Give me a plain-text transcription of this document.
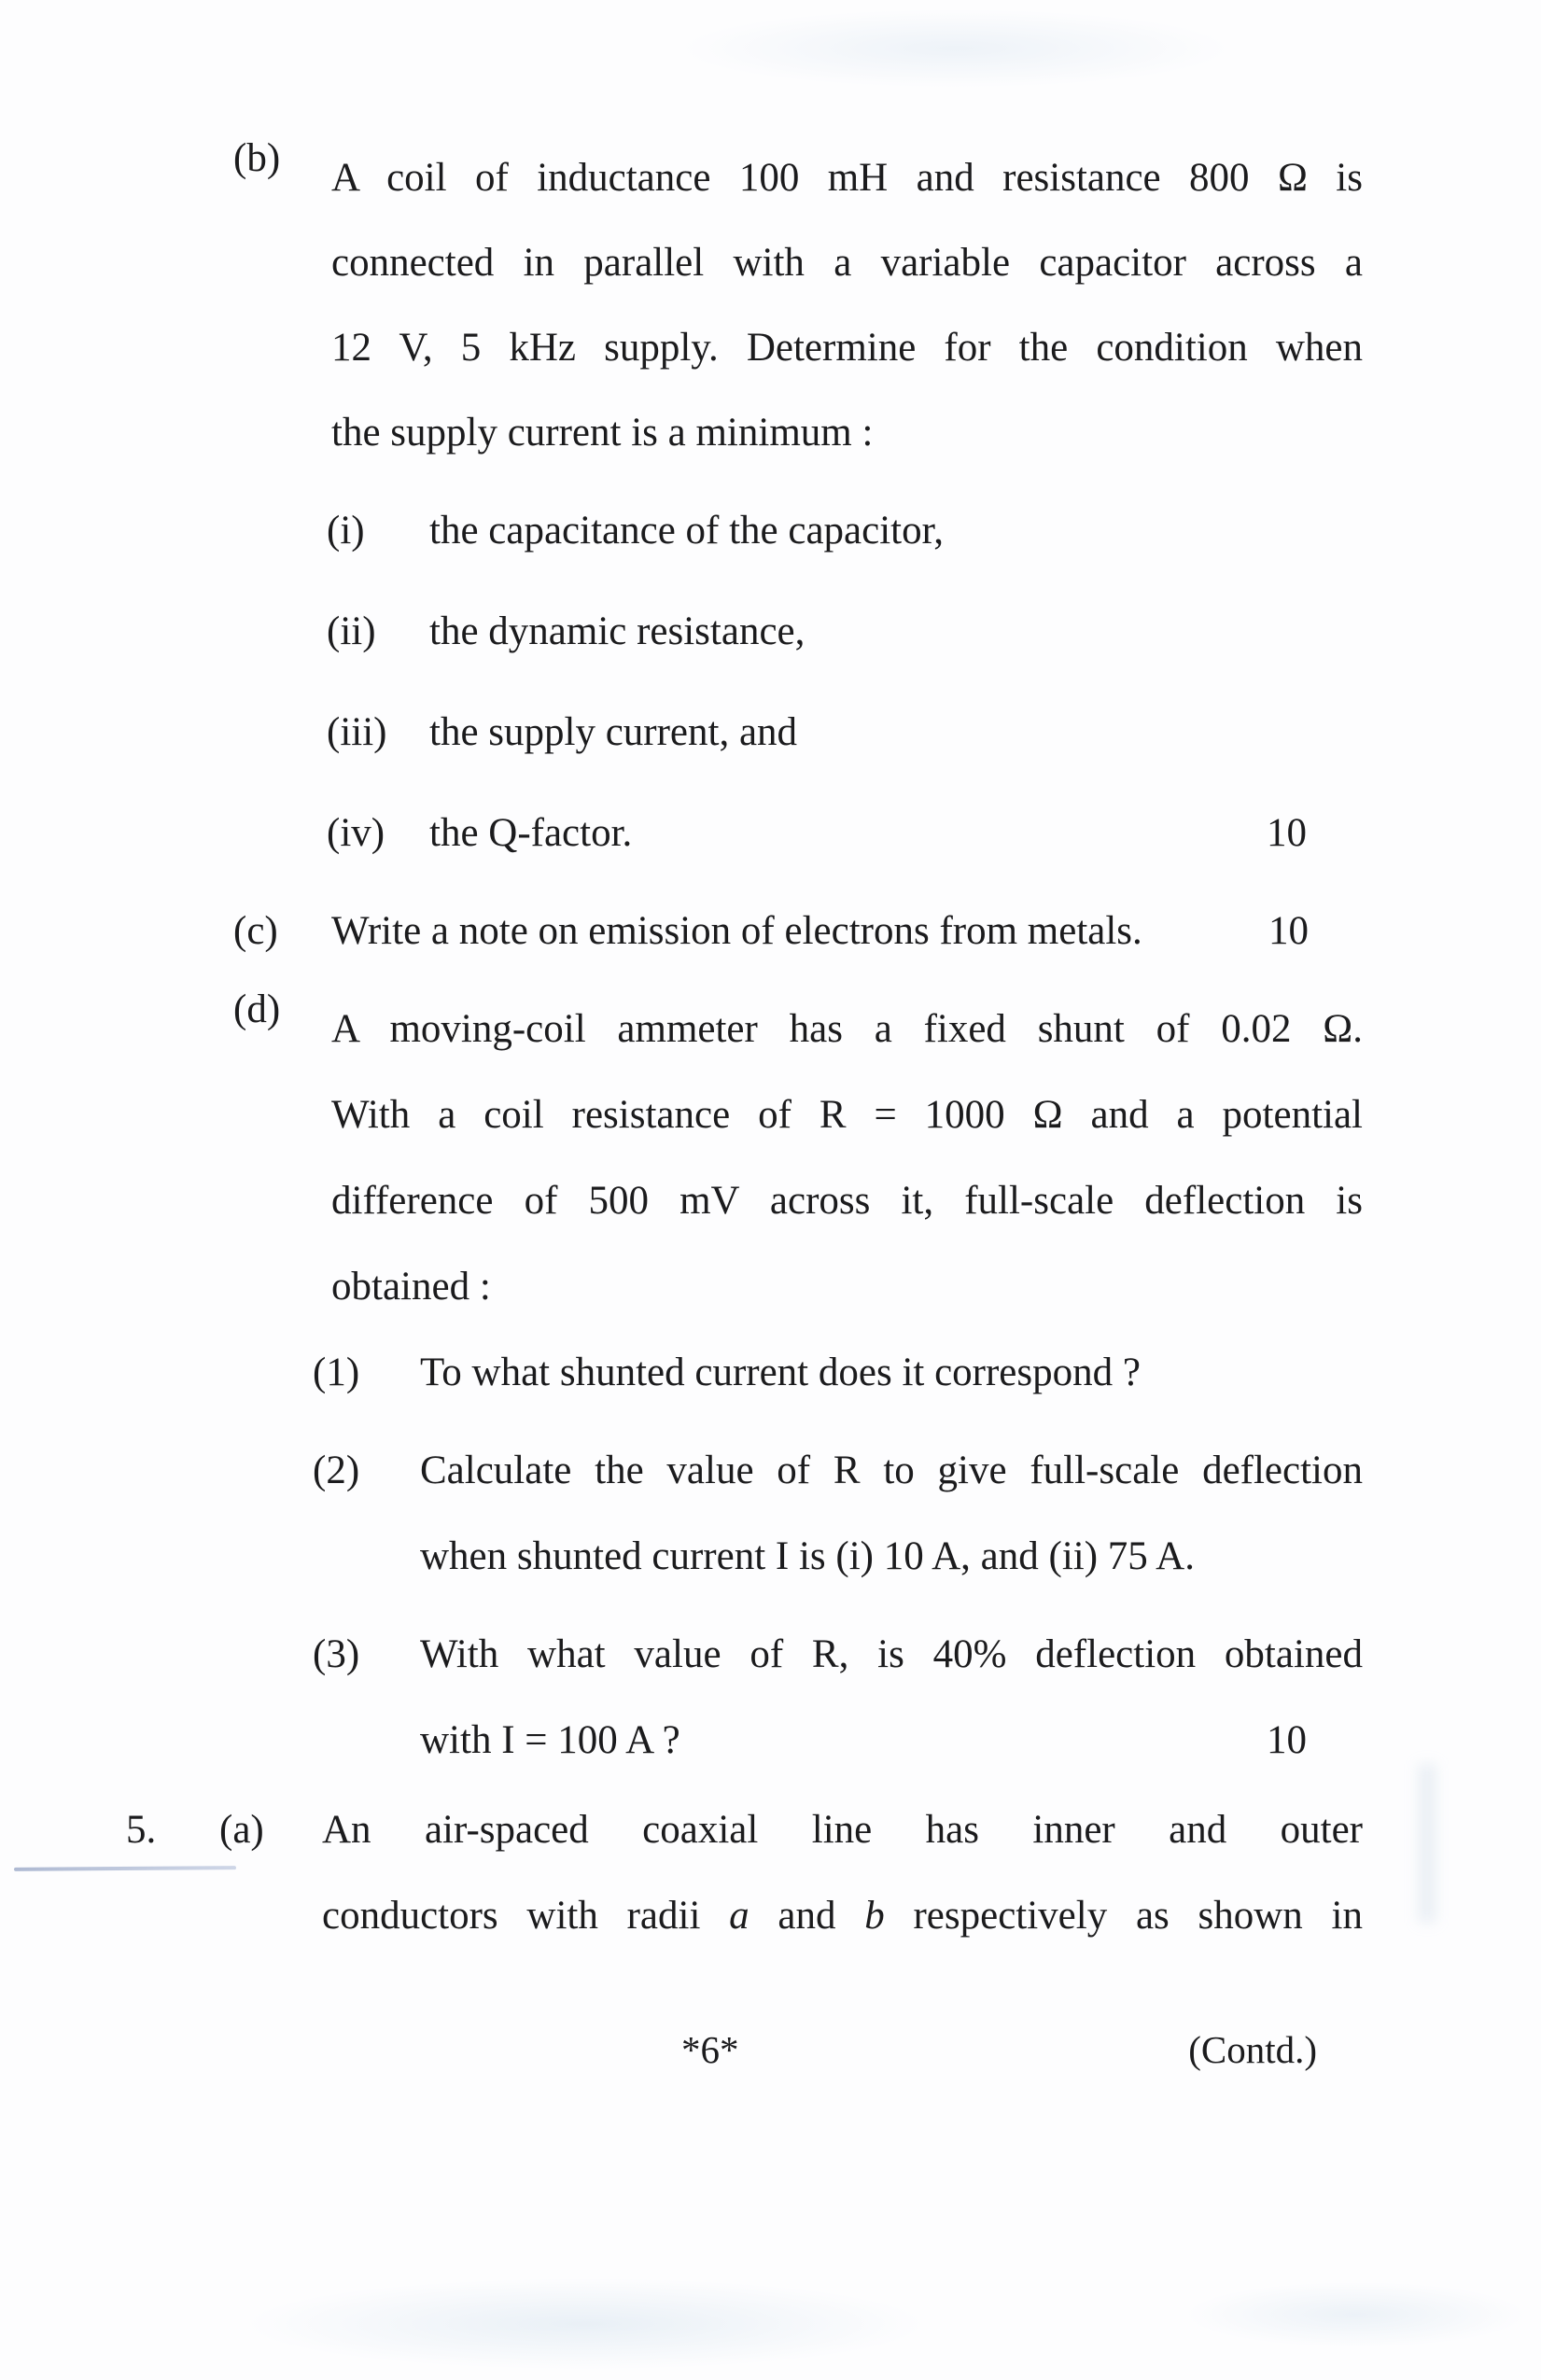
(b)	A coil of inductance 100 mH and resistance 800 Ω is
connected in parallel with a variable capacitor across a
12 V, 5 kHz supply. Determine for the condition when
the supply current is a minimum :
(i)	the capacitance of the capacitor,
(ii)	the dynamic resistance,
(iii)	the supply current, and
(iv)	the Q-factor.	10
(c)	Write a note on emission of electrons from metals.	10
(d)	A moving-coil ammeter has a fixed shunt of 0.02 Ω.
With a coil resistance of R = 1000 Ω and a potential
difference of 500 mV across it, full-scale deflection is
obtained :
(1)	To what shunted current does it correspond ?
(2)	Calculate the value of R to give full-scale deflection
when shunted current I is (i) 10 A, and (ii) 75 A.
(3)	With what value of R, is 40% deflection obtained
with I = 100 A ?	10
5.	(a)	An air-spaced coaxial line has inner and outer
conductors with radii a and b respectively as shown in
*6*	(Contd.)
